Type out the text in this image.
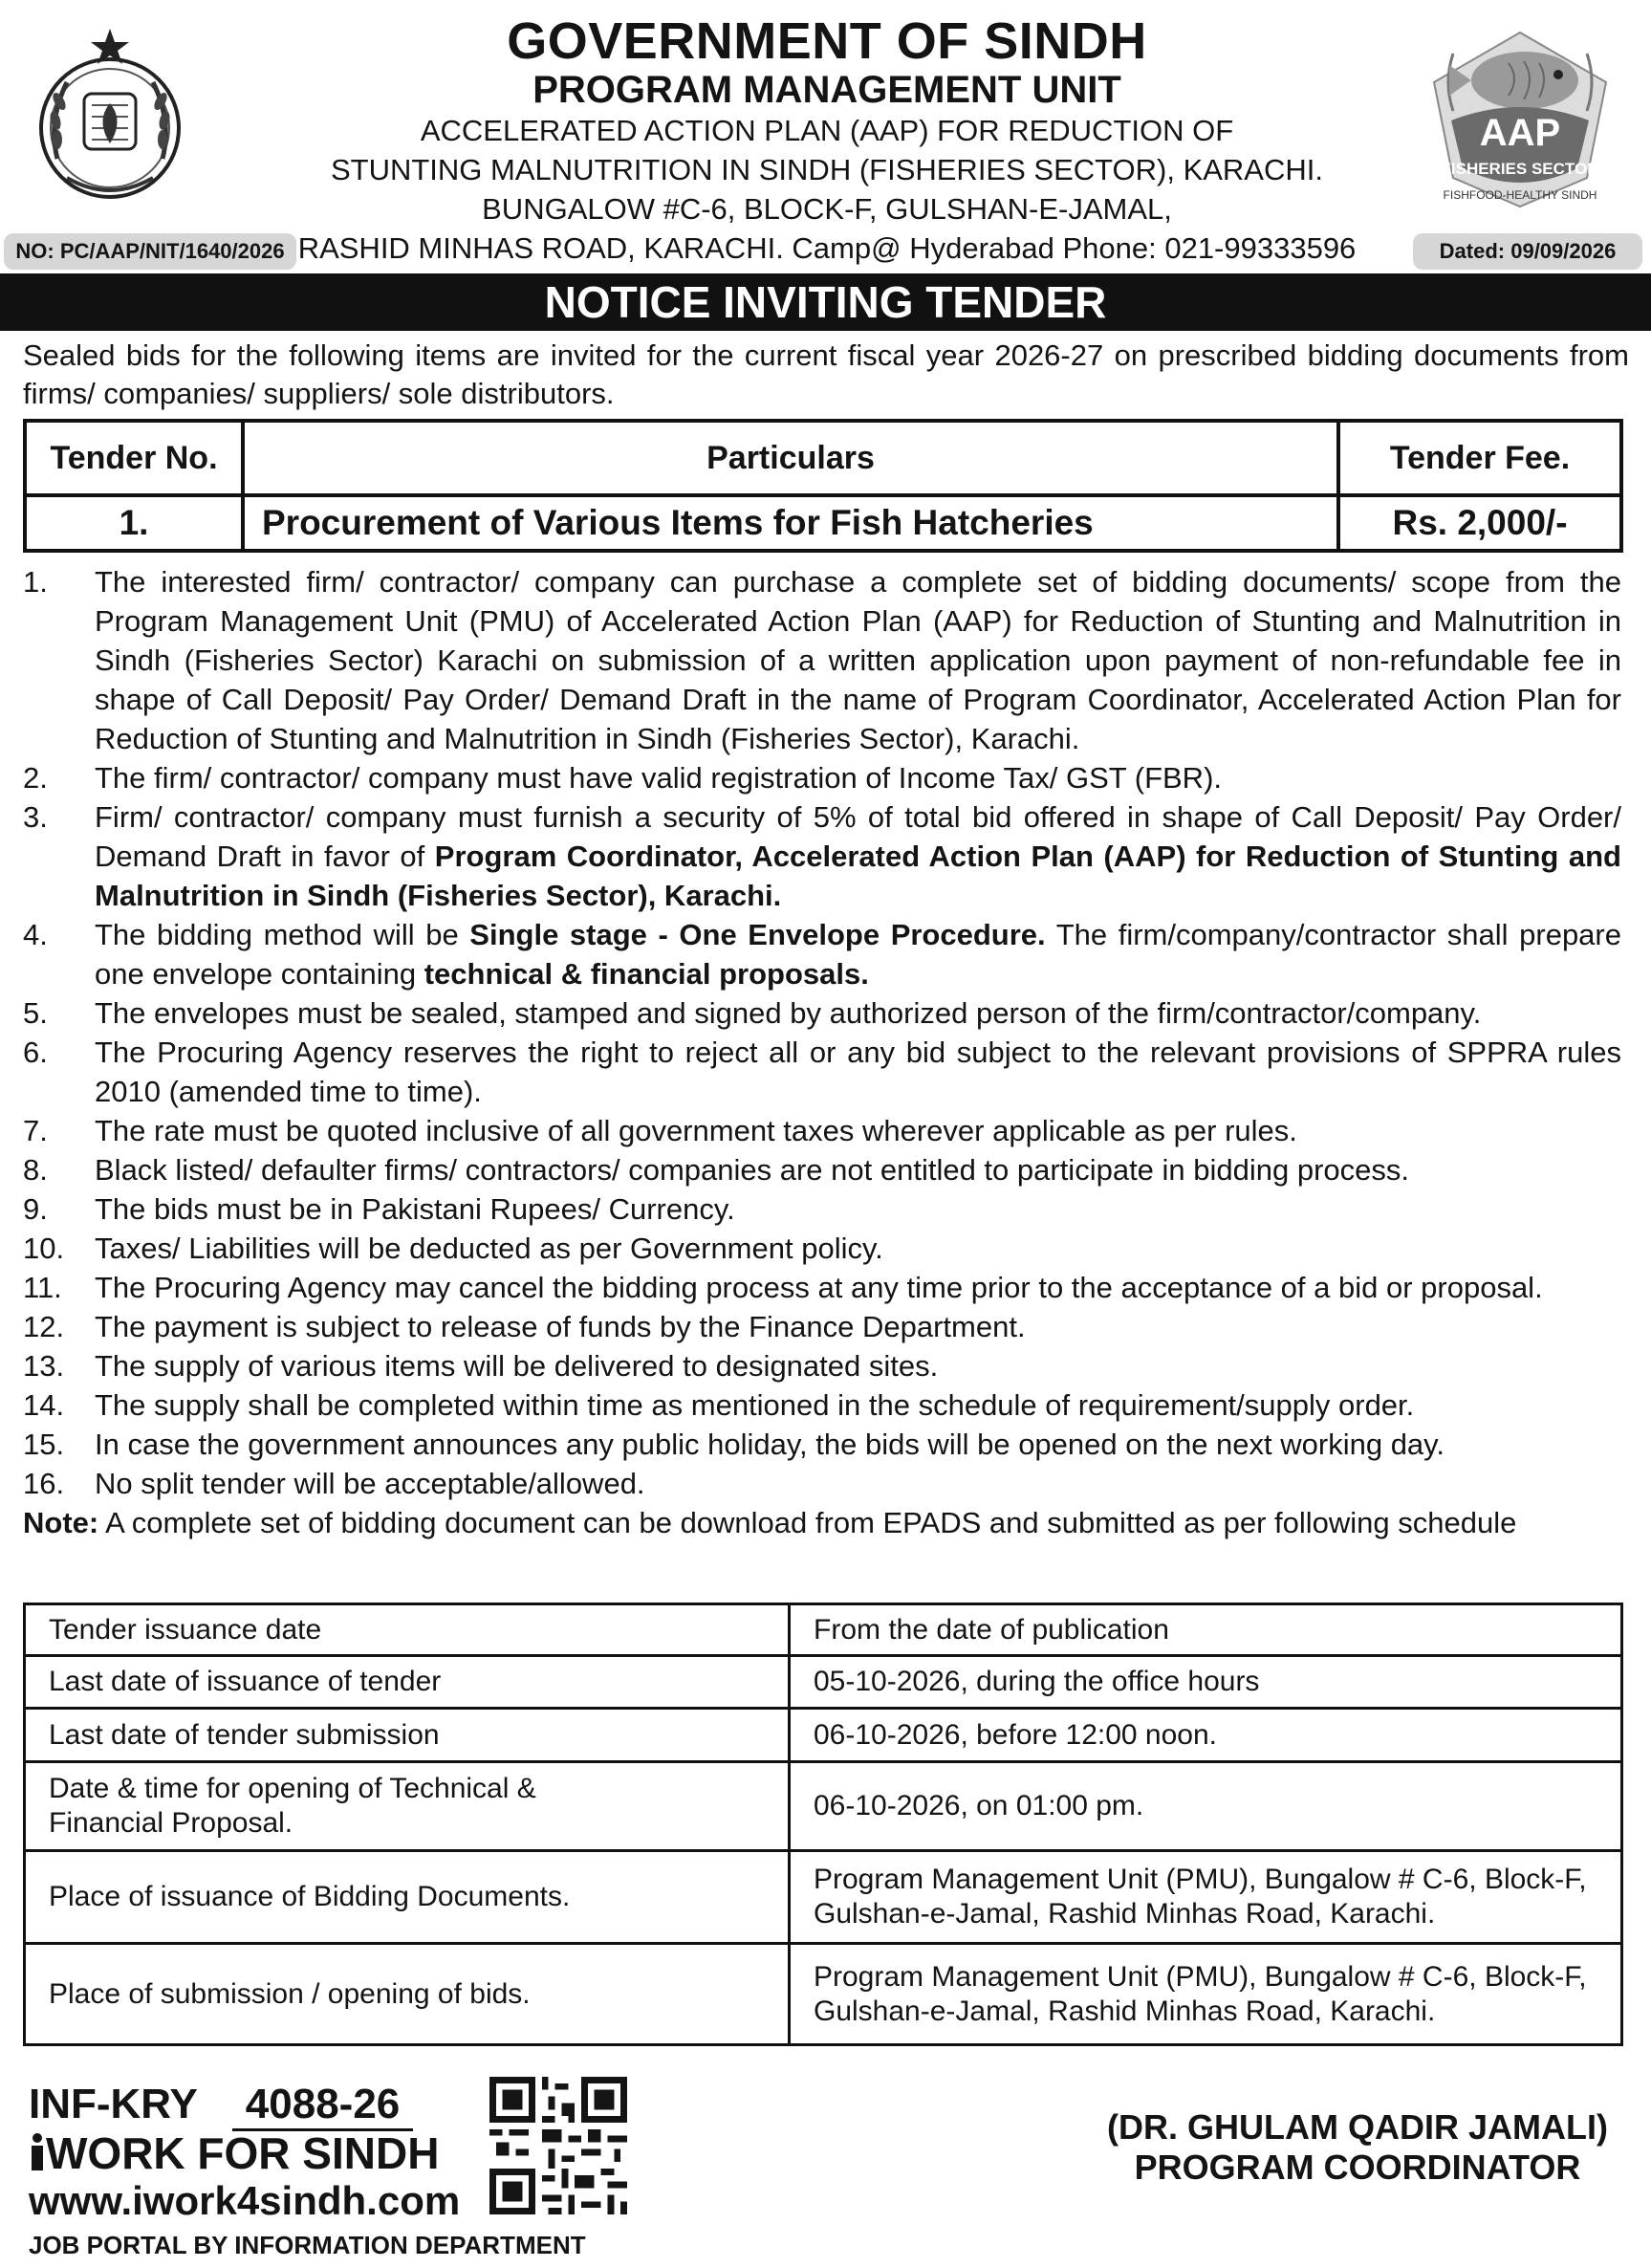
NO: PC/AAP/NIT/1640/2026
GOVERNMENT OF SINDH
PROGRAM MANAGEMENT UNIT
ACCELERATED ACTION PLAN (AAP) FOR REDUCTION OF
STUNTING MALNUTRITION IN SINDH (FISHERIES SECTOR), KARACHI.
BUNGALOW #C-6, BLOCK-F, GULSHAN-E-JAMAL,
RASHID MINHAS ROAD, KARACHI. Camp@ Hyderabad Phone: 021-99333596
AAP
FISHERIES SECTOR
FISHFOOD-HEALTHY SINDH
Dated: 09/09/2026
NOTICE INVITING TENDER
Sealed bids for the following items are invited for the current fiscal year 2026-27 on prescribed bidding documents from firms/ companies/ suppliers/ sole distributors.
Tender No.	Particulars	Tender Fee.
1.	Procurement of Various Items for Fish Hatcheries	Rs. 2,000/-
1.	The interested firm/ contractor/ company can purchase a complete set of bidding documents/ scope from the Program Management Unit (PMU) of Accelerated Action Plan (AAP) for Reduction of Stunting and Malnutrition in Sindh (Fisheries Sector) Karachi on submission of a written application upon payment of non-refundable fee in shape of Call Deposit/ Pay Order/ Demand Draft in the name of Program Coordinator, Accelerated Action Plan for Reduction of Stunting and Malnutrition in Sindh (Fisheries Sector), Karachi.
2.	The firm/ contractor/ company must have valid registration of Income Tax/ GST (FBR).
3.	Firm/ contractor/ company must furnish a security of 5% of total bid offered in shape of Call Deposit/ Pay Order/ Demand Draft in favor of Program Coordinator, Accelerated Action Plan (AAP) for Reduction of Stunting and Malnutrition in Sindh (Fisheries Sector), Karachi.
4.	The bidding method will be Single stage - One Envelope Procedure. The firm/company/contractor shall prepare one envelope containing technical & financial proposals.
5.	The envelopes must be sealed, stamped and signed by authorized person of the firm/contractor/company.
6.	The Procuring Agency reserves the right to reject all or any bid subject to the relevant provisions of SPPRA rules 2010 (amended time to time).
7.	The rate must be quoted inclusive of all government taxes wherever applicable as per rules.
8.	Black listed/ defaulter firms/ contractors/ companies are not entitled to participate in bidding process.
9.	The bids must be in Pakistani Rupees/ Currency.
10.	Taxes/ Liabilities will be deducted as per Government policy.
11.	The Procuring Agency may cancel the bidding process at any time prior to the acceptance of a bid or proposal.
12.	The payment is subject to release of funds by the Finance Department.
13.	The supply of various items will be delivered to designated sites.
14.	The supply shall be completed within time as mentioned in the schedule of requirement/supply order.
15.	In case the government announces any public holiday, the bids will be opened on the next working day.
16.	No split tender will be acceptable/allowed.
Note: A complete set of bidding document can be download from EPADS and submitted as per following schedule
Tender issuance date	From the date of publication
Last date of issuance of tender	05-10-2026, during the office hours
Last date of tender submission	06-10-2026, before 12:00 noon.
Date & time for opening of Technical & Financial Proposal.	06-10-2026, on 01:00 pm.
Place of issuance of Bidding Documents.	Program Management Unit (PMU), Bungalow # C-6, Block-F, Gulshan-e-Jamal, Rashid Minhas Road, Karachi.
Place of submission / opening of bids.	Program Management Unit (PMU), Bungalow # C-6, Block-F, Gulshan-e-Jamal, Rashid Minhas Road, Karachi.
INF-KRY 4088-26
WORK FOR SINDH
www.iwork4sindh.com
JOB PORTAL BY INFORMATION DEPARTMENT
(DR. GHULAM QADIR JAMALI)
PROGRAM COORDINATOR
